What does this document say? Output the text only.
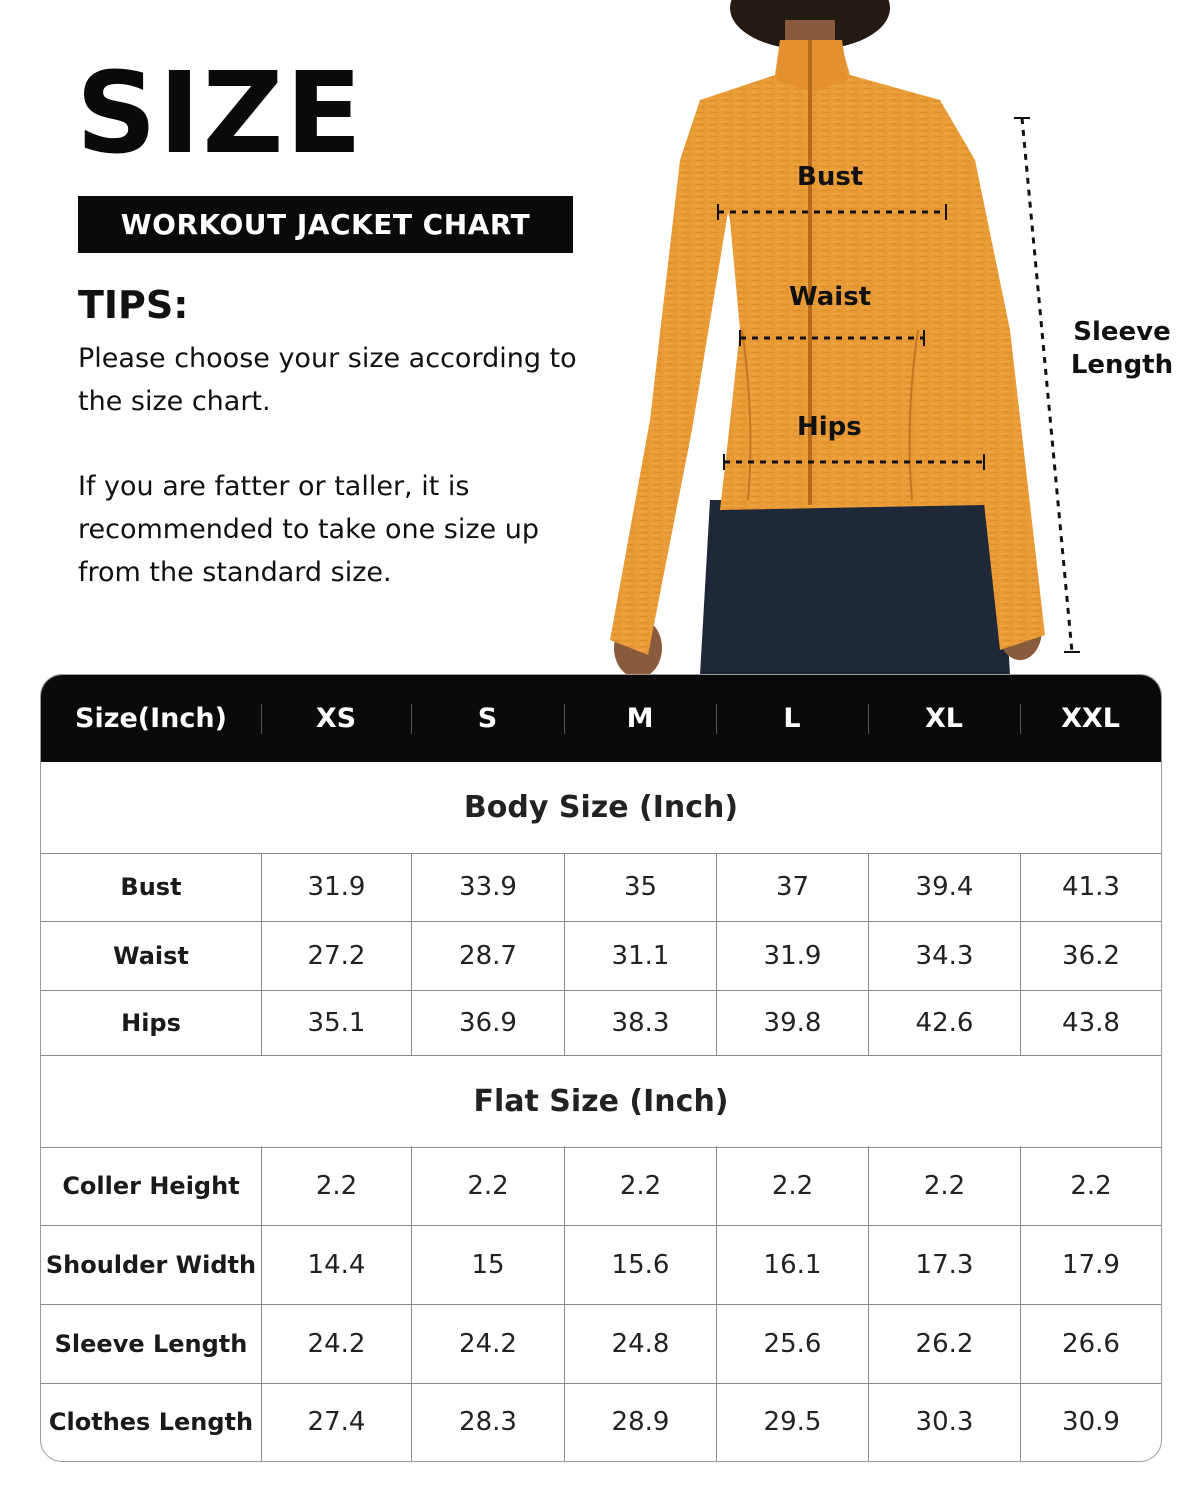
SIZE
WORKOUT JACKET CHART
TIPS:

Please choose your size according to the size chart.

If you are fatter or taller, it is recommended to take one size up from the standard size.

Bust
Waist
Hips
Sleeve
Length
Size(Inch)	XS	S	M	L	XL	XXL
Body Size (Inch)
Bust	31.9	33.9	35	37	39.4	41.3
Waist	27.2	28.7	31.1	31.9	34.3	36.2
Hips	35.1	36.9	38.3	39.8	42.6	43.8
Flat Size (Inch)
Coller Height	2.2	2.2	2.2	2.2	2.2	2.2
Shoulder Width	14.4	15	15.6	16.1	17.3	17.9
Sleeve Length	24.2	24.2	24.8	25.6	26.2	26.6
Clothes Length	27.4	28.3	28.9	29.5	30.3	30.9
